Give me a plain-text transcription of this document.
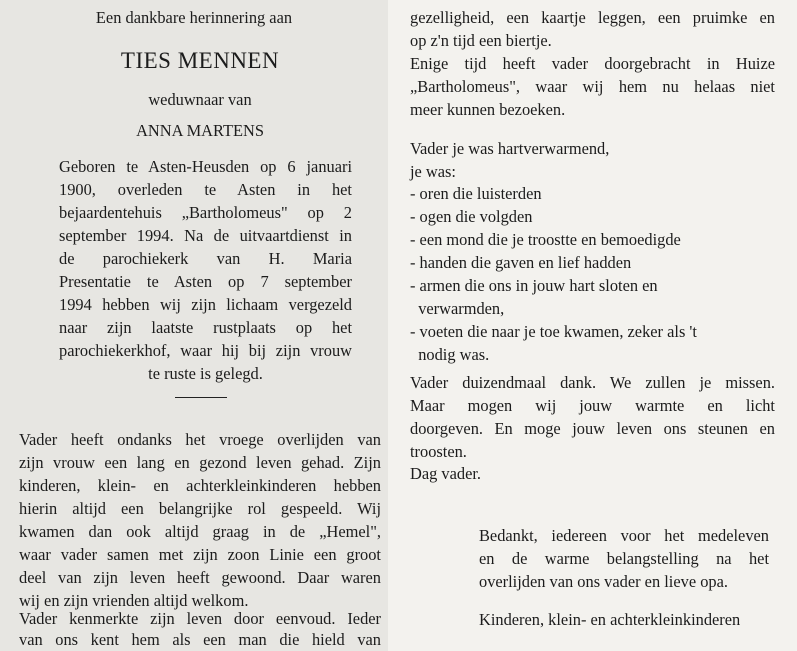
Een dankbare herinnering aan
TIES MENNEN
weduwnaar van
ANNA MARTENS
Geboren te Asten-Heusden op 6 januari
1900, overleden te Asten in het
bejaardentehuis „Bartholomeus" op 2
september 1994. Na de uitvaartdienst in
de parochiekerk van H. Maria
Presentatie te Asten op 7 september
1994 hebben wij zijn lichaam vergezeld
naar zijn laatste rustplaats op het
parochiekerkhof, waar hij bij zijn vrouw
te ruste is gelegd.
Vader heeft ondanks het vroege overlijden van
zijn vrouw een lang en gezond leven gehad. Zijn
kinderen, klein- en achterkleinkinderen hebben
hierin altijd een belangrijke rol gespeeld. Wij
kwamen dan ook altijd graag in de „Hemel",
waar vader samen met zijn zoon Linie een groot
deel van zijn leven heeft gewoond. Daar waren
wij en zijn vrienden altijd welkom.
Vader kenmerkte zijn leven door eenvoud. Ieder
van ons kent hem als een man die hield van
gezelligheid, een kaartje leggen, een pruimke en
op z'n tijd een biertje.
Enige tijd heeft vader doorgebracht in Huize
„Bartholomeus", waar wij hem nu helaas niet
meer kunnen bezoeken.
Vader je was hartverwarmend,
je was:
- oren die luisterden
- ogen die volgden
- een mond die je troostte en bemoedigde
- handen die gaven en lief hadden
- armen die ons in jouw hart sloten en
verwarmden,
- voeten die naar je toe kwamen, zeker als 't
nodig was.
Vader duizendmaal dank. We zullen je missen.
Maar mogen wij jouw warmte en licht
doorgeven. En moge jouw leven ons steunen en
troosten.
Dag vader.
Bedankt, iedereen voor het medeleven
en de warme belangstelling na het
overlijden van ons vader en lieve opa.
Kinderen, klein- en achterkleinkinderen
